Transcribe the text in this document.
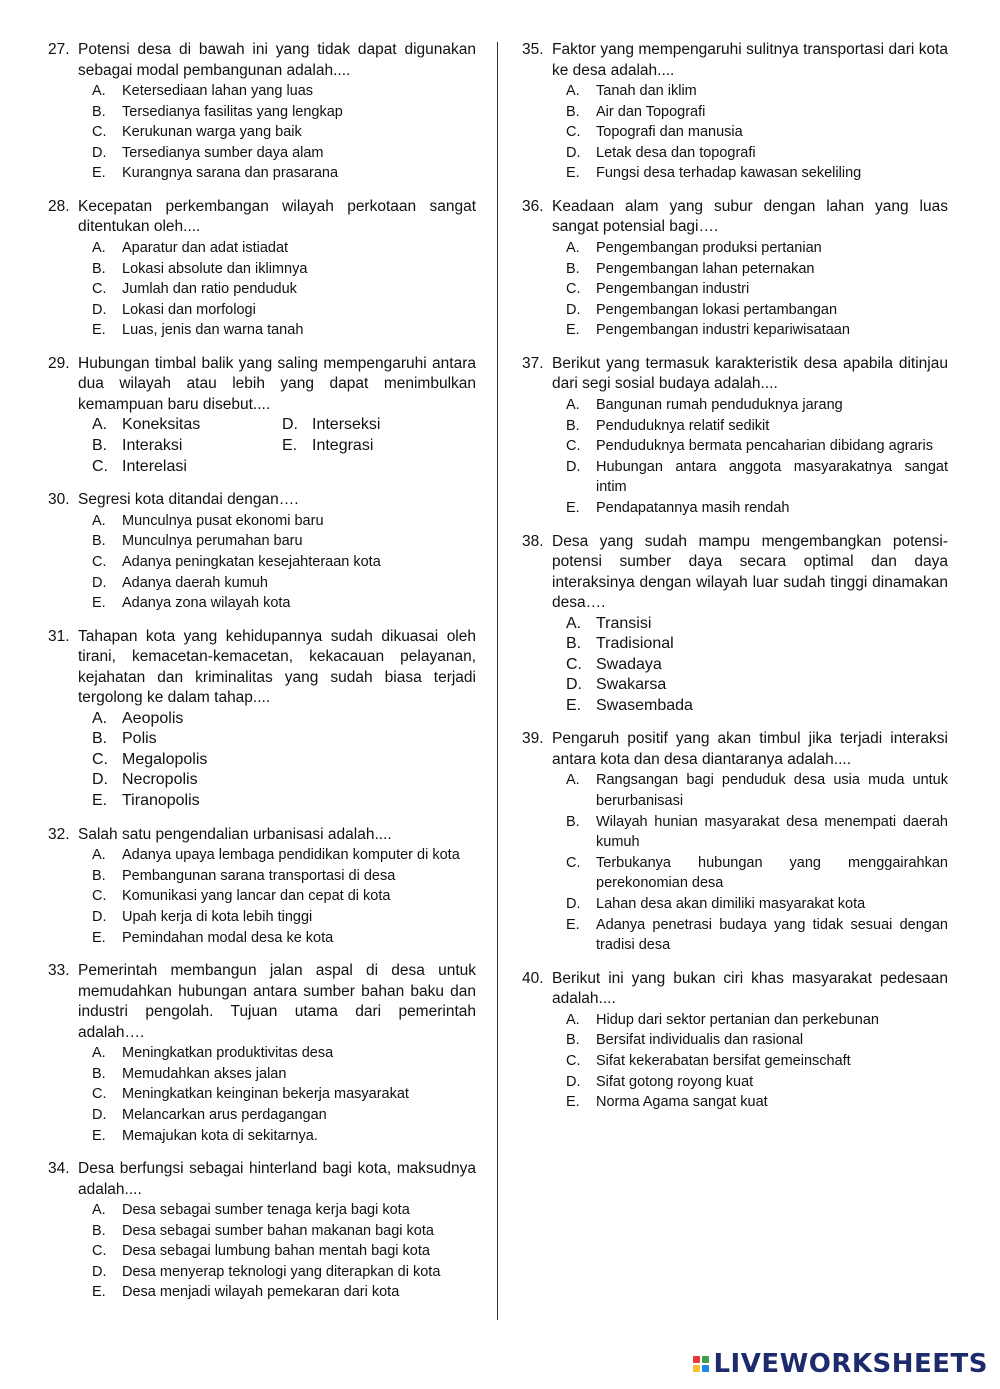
27. Potensi desa di bawah ini yang tidak dapat digunakan sebagai modal pembangunan adalah....
A.	Ketersediaan lahan yang luas
B.	Tersedianya fasilitas yang lengkap
C.	Kerukunan warga yang baik
D.	Tersedianya sumber daya alam
E.	Kurangnya sarana dan prasarana
28. Kecepatan perkembangan wilayah perkotaan sangat ditentukan oleh....
A.	Aparatur dan adat istiadat
B.	Lokasi absolute dan iklimnya
C.	Jumlah dan ratio penduduk
D.	Lokasi dan morfologi
E.	Luas, jenis dan warna tanah
29. Hubungan timbal balik yang saling mempengaruhi antara dua wilayah atau lebih yang dapat menimbulkan kemampuan baru disebut....
A. Koneksitas	D. Interseksi
B. Interaksi	E. Integrasi
C. Interelasi
30. Segresi kota ditandai dengan….
A.	Munculnya pusat ekonomi baru
B.	Munculnya perumahan baru
C.	Adanya peningkatan kesejahteraan kota
D.	Adanya daerah kumuh
E.	Adanya zona wilayah kota
31. Tahapan kota yang kehidupannya sudah dikuasai oleh tirani, kemacetan-kemacetan, kekacauan pelayanan, kejahatan dan kriminalitas yang sudah biasa terjadi tergolong ke dalam tahap....
A. Aeopolis
B. Polis
C. Megalopolis
D. Necropolis
E. Tiranopolis
32. Salah satu pengendalian urbanisasi adalah....
A.	Adanya upaya lembaga pendidikan komputer di kota
B.	Pembangunan sarana transportasi di desa
C.	Komunikasi yang lancar dan cepat di kota
D.	Upah kerja di kota lebih tinggi
E.	Pemindahan modal desa ke kota
33. Pemerintah membangun jalan aspal di desa untuk memudahkan hubungan antara sumber bahan baku dan industri pengolah. Tujuan utama dari pemerintah adalah….
A.	Meningkatkan produktivitas desa
B.	Memudahkan akses jalan
C.	Meningkatkan keinginan bekerja masyarakat
D.	Melancarkan arus perdagangan
E.	Memajukan kota di sekitarnya.
34. Desa berfungsi sebagai hinterland bagi kota, maksudnya adalah....
A.	Desa sebagai sumber tenaga kerja bagi kota
B.	Desa sebagai sumber bahan makanan bagi kota
C.	Desa sebagai lumbung bahan mentah bagi kota
D.	Desa menyerap teknologi yang diterapkan di kota
E.	Desa menjadi wilayah pemekaran dari kota
35. Faktor yang mempengaruhi sulitnya transportasi dari kota ke desa adalah....
A.	Tanah dan iklim
B.	Air dan Topografi
C.	Topografi dan manusia
D.	Letak desa dan topografi
E.	Fungsi desa terhadap kawasan sekeliling
36. Keadaan alam yang subur dengan lahan yang luas sangat potensial bagi….
A.	Pengembangan produksi pertanian
B.	Pengembangan lahan peternakan
C.	Pengembangan industri
D.	Pengembangan lokasi pertambangan
E.	Pengembangan industri kepariwisataan
37. Berikut yang termasuk karakteristik desa apabila ditinjau dari segi sosial budaya adalah....
A.	Bangunan rumah penduduknya jarang
B.	Penduduknya relatif sedikit
C.	Penduduknya bermata pencaharian dibidang agraris
D.	Hubungan antara anggota masyarakatnya sangat intim
E.	Pendapatannya masih rendah
38. Desa yang sudah mampu mengembangkan potensi-potensi sumber daya secara optimal dan daya interaksinya dengan wilayah luar sudah tinggi dinamakan desa….
A. Transisi
B. Tradisional
C. Swadaya
D. Swakarsa
E. Swasembada
39. Pengaruh positif yang akan timbul jika terjadi interaksi antara kota dan desa diantaranya adalah....
A.	Rangsangan bagi penduduk desa usia muda untuk berurbanisasi
B.	Wilayah hunian masyarakat desa menempati daerah kumuh
C.	Terbukanya hubungan yang menggairahkan perekonomian desa
D.	Lahan desa akan dimiliki masyarakat kota
E.	Adanya penetrasi budaya yang tidak sesuai dengan tradisi desa
40. Berikut ini yang bukan ciri khas masyarakat pedesaan adalah....
A.	Hidup dari sektor pertanian dan perkebunan
B.	Bersifat individualis dan rasional
C.	Sifat kekerabatan bersifat gemeinschaft
D.	Sifat gotong royong kuat
E.	Norma Agama sangat kuat
LIVEWORKSHEETS
